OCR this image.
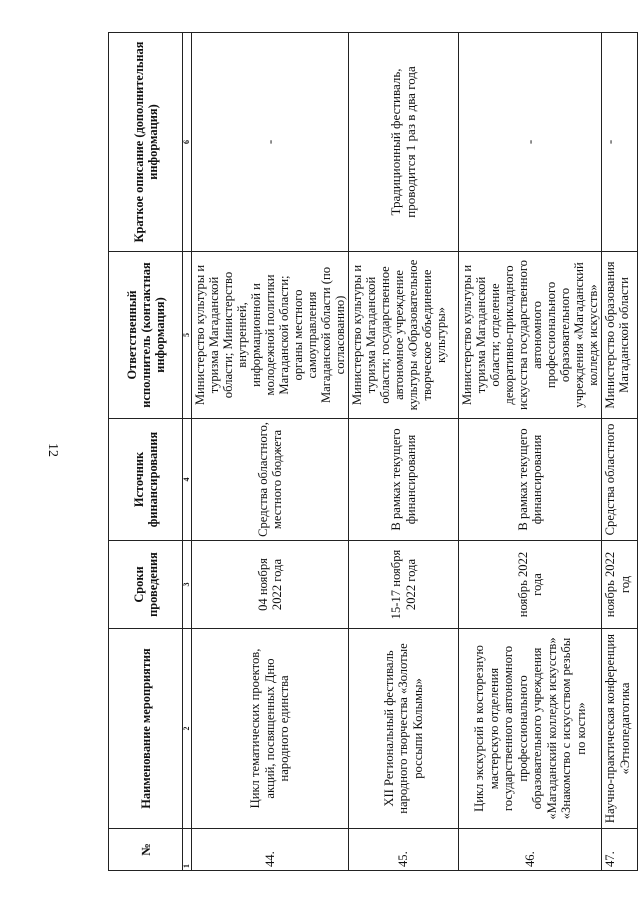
12
№	Наименование мероприятия	Сроки проведения	Источник финансирования	Ответственный исполнитель (контактная информация)	Краткое описание (дополнительная информация)
1	2	3	4	5	6
44.	Цикл тематических проектов, акций, посвященных Дню народного единства	04 ноября 2022 года	Средства областного, местного бюджета	Министерство культуры и туризма Магаданской области; Министерство внутренней, информационной и молодежной политики Магаданской области; органы местного самоуправления Магаданской области (по согласованию)	-
45.	XII Региональный фестиваль народного творчества «Золотые россыпи Колымы»	15-17 ноября 2022 года	В рамках текущего финансирования	Министерство культуры и туризма Магаданской области; государственное автономное учреждение культуры «Образовательное творческое объединение культуры»	Традиционный фестиваль, проводится 1 раз в два года
46.	Цикл экскурсий в косторезную мастерскую отделения государственного автономного профессионального образовательного учреждения «Магаданский колледж искусств» «Знакомство с искусством резьбы по кости»	ноябрь 2022 года	В рамках текущего финансирования	Министерство культуры и туризма Магаданской области; отделение декоративно-прикладного искусства государственного автономного профессионального образовательного учреждения «Магаданский колледж искусств»	-
47.	Научно-практическая конференция «Этнопедагогика	ноябрь 2022 год	Средства областного	Министерство образования Магаданской области	-
